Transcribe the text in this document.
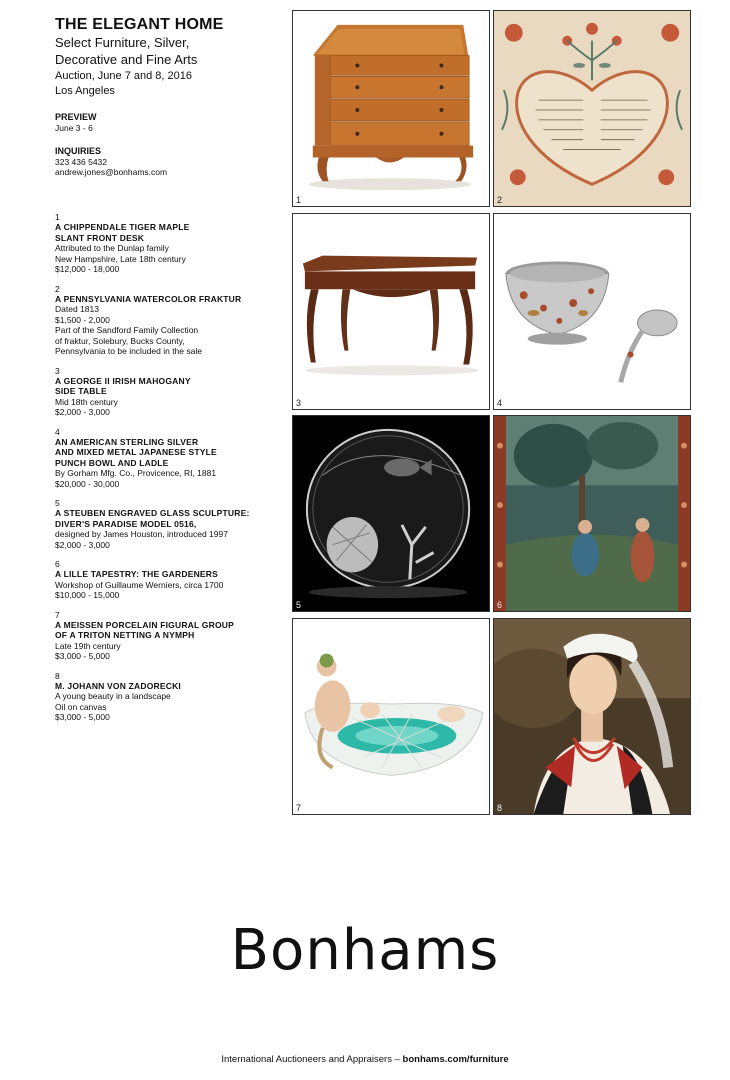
THE ELEGANT HOME
Select Furniture, Silver,
Decorative and Fine Arts
Auction, June 7 and 8, 2016
Los Angeles
PREVIEW
June 3 - 6
INQUIRIES
323 436 5432
andrew.jones@bonhams.com
1
A CHIPPENDALE TIGER MAPLE
SLANT FRONT DESK
Attributed to the Dunlap family
New Hampshire, Late 18th century
$12,000 - 18,000
2
A PENNSYLVANIA WATERCOLOR FRAKTUR
Dated 1813
$1,500 - 2,000
Part of the Sandford Family Collection
of fraktur, Solebury, Bucks County,
Pennsylvania to be included in the sale
3
A GEORGE II IRISH MAHOGANY
SIDE TABLE
Mid 18th century
$2,000 - 3,000
4
AN AMERICAN STERLING SILVER
AND MIXED METAL JAPANESE STYLE
PUNCH BOWL AND LADLE
By Gorham Mfg. Co., Provicence, RI, 1881
$20,000 - 30,000
5
A STEUBEN ENGRAVED GLASS SCULPTURE:
DIVER'S PARADISE MODEL 0516,
designed by James Houston, introduced 1997
$2,000 - 3,000
6
A LILLE TAPESTRY: THE GARDENERS
Workshop of Guillaume Werniers, circa 1700
$10,000 - 15,000
7
A MEISSEN PORCELAIN FIGURAL GROUP
OF A TRITON NETTING A NYMPH
Late 19th century
$3,000 - 5,000
8
M. JOHANN VON ZADORECKI
A young beauty in a landscape
Oil on canvas
$3,000 - 5,000
1	2
3	4
5	6
7	8
Bonhams
International Auctioneers and Appraisers – bonhams.com/furniture
